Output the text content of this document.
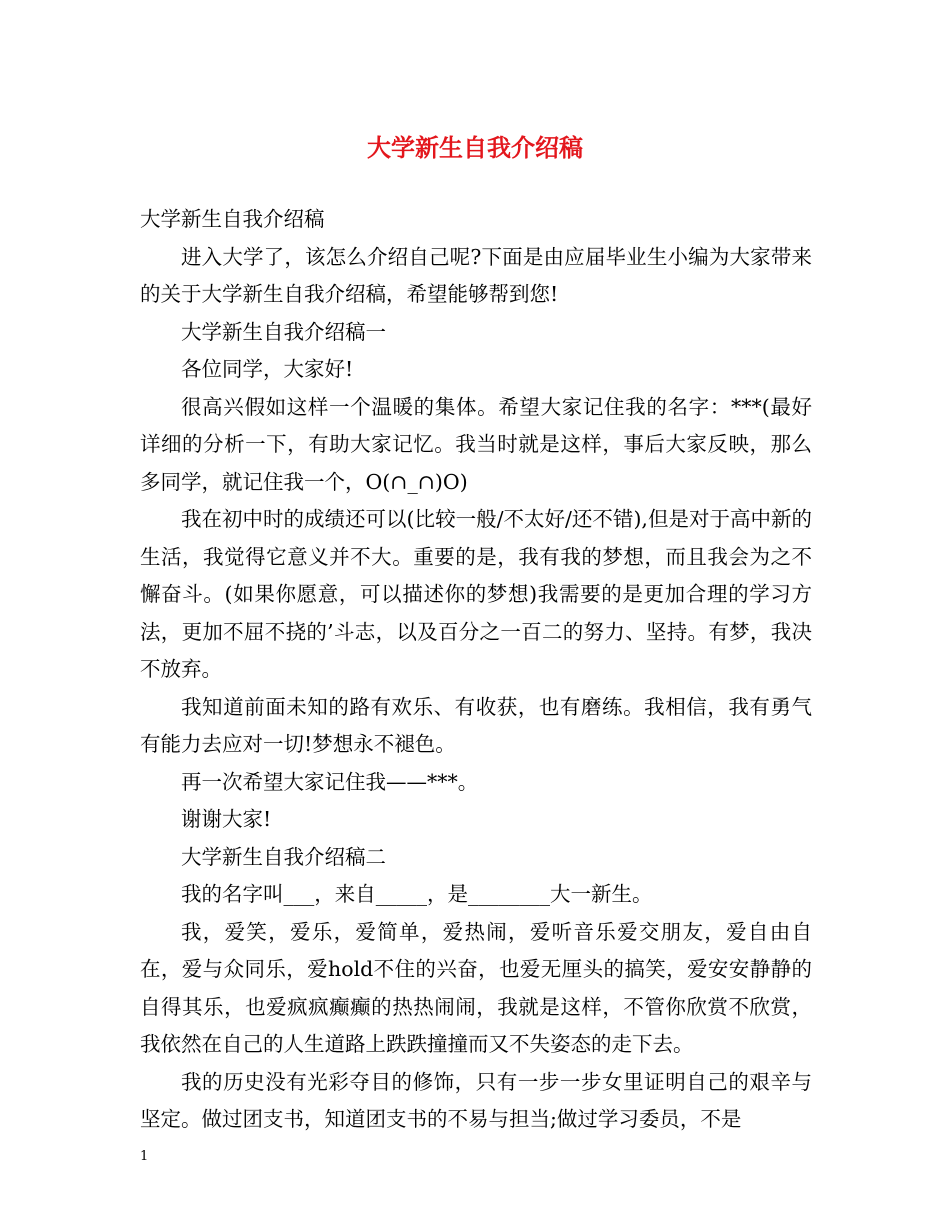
大学新生自我介绍稿

大学新生自我介绍稿

进入大学了，该怎么介绍自己呢?下面是由应届毕业生小编为大家带来的关于大学新生自我介绍稿，希望能够帮到您!

大学新生自我介绍稿一

各位同学，大家好!

很高兴假如这样一个温暖的集体。希望大家记住我的名字：***(最好详细的分析一下，有助大家记忆。我当时就是这样，事后大家反映，那么多同学，就记住我一个，O(∩_∩)O)

我在初中时的成绩还可以(比较一般/不太好/还不错),但是对于高中新的生活，我觉得它意义并不大。重要的是，我有我的梦想，而且我会为之不懈奋斗。(如果你愿意，可以描述你的梦想)我需要的是更加合理的学习方法，更加不屈不挠的’斗志，以及百分之一百二的努力、坚持。有梦，我决不放弃。

我知道前面未知的路有欢乐、有收获，也有磨练。我相信，我有勇气有能力去应对一切!梦想永不褪色。

再一次希望大家记住我——***。

谢谢大家!

大学新生自我介绍稿二

我的名字叫___，来自_____，是________大一新生。

我，爱笑，爱乐，爱简单，爱热闹，爱听音乐爱交朋友，爱自由自在，爱与众同乐，爱hold不住的兴奋，也爱无厘头的搞笑，爱安安静静的自得其乐，也爱疯疯癫癫的热热闹闹，我就是这样，不管你欣赏不欣赏，我依然在自己的人生道路上跌跌撞撞而又不失姿态的走下去。

我的历史没有光彩夺目的修饰，只有一步一步女里证明自己的艰辛与坚定。做过团支书，知道团支书的不易与担当;做过学习委员，不是

1
